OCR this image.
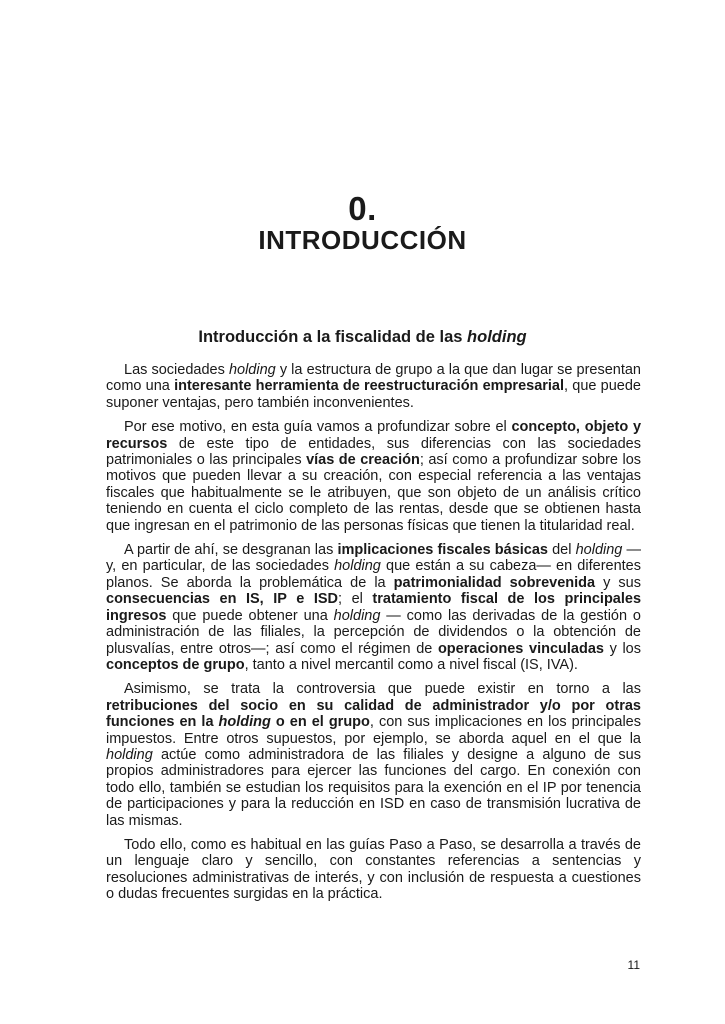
0.
INTRODUCCIÓN
Introducción a la fiscalidad de las holding

Las sociedades holding y la estructura de grupo a la que dan lugar se presentan como una interesante herramienta de reestructuración empresarial, que puede suponer ventajas, pero también inconvenientes.

Por ese motivo, en esta guía vamos a profundizar sobre el concepto, objeto y recursos de este tipo de entidades, sus diferencias con las sociedades patrimoniales o las principales vías de creación; así como a profundizar sobre los motivos que pueden llevar a su creación, con especial referencia a las ventajas fiscales que habitualmente se le atribuyen, que son objeto de un análisis crítico teniendo en cuenta el ciclo completo de las rentas, desde que se obtienen hasta que ingresan en el patrimonio de las personas físicas que tienen la titularidad real.

A partir de ahí, se desgranan las implicaciones fiscales básicas del holding —y, en particular, de las sociedades holding que están a su cabeza— en diferentes planos. Se aborda la problemática de la patrimonialidad sobrevenida y sus consecuencias en IS, IP e ISD; el tratamiento fiscal de los principales ingresos que puede obtener una holding — como las derivadas de la gestión o administración de las filiales, la percepción de dividendos o la obtención de plusvalías, entre otros—; así como el régimen de operaciones vinculadas y los conceptos de grupo, tanto a nivel mercantil como a nivel fiscal (IS, IVA).

Asimismo, se trata la controversia que puede existir en torno a las retribuciones del socio en su calidad de administrador y/o por otras funciones en la holding o en el grupo, con sus implicaciones en los principales impuestos. Entre otros supuestos, por ejemplo, se aborda aquel en el que la holding actúe como administradora de las filiales y designe a alguno de sus propios administradores para ejercer las funciones del cargo. En conexión con todo ello, también se estudian los requisitos para la exención en el IP por tenencia de participaciones y para la reducción en ISD en caso de transmisión lucrativa de las mismas.

Todo ello, como es habitual en las guías Paso a Paso, se desarrolla a través de un lenguaje claro y sencillo, con constantes referencias a sentencias y resoluciones administrativas de interés, y con inclusión de respuesta a cuestiones o dudas frecuentes surgidas en la práctica.

11
